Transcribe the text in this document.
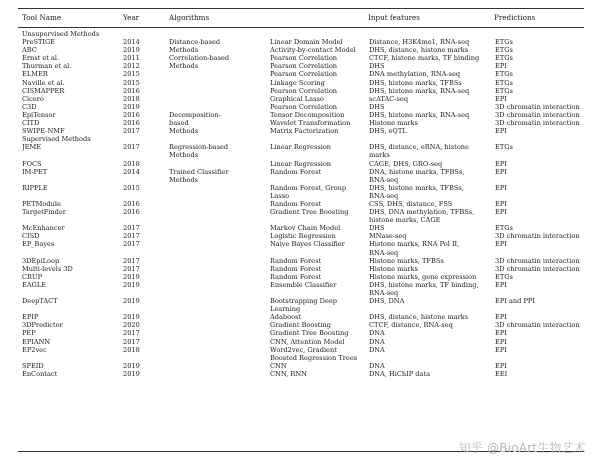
Tool Name	Year	Algorithms	Input features	Predictions
Unsupervised Methods					
PreSTIGE	2014	Distance-based	Linear Domain Model	Distance, H3K4me1, RNA-seq	ETGs
ABC	2019	Methods	Activity-by-contact Model	DHS, distance, histone marks	ETGs
Ernst et al.	2011	Correlation-based	Pearson Correlation	CTCF, histone marks, TF binding	ETGs
Thurman et al.	2012	Methods	Pearson Correlation	DHS	EPI
ELMER	2015		Pearson Correlation	DNA methylation, RNA-seq	ETGs
Naville et al.	2015		Linkage Scoring	DHS, histone marks, TFBSs	ETGs
CISMAPPER	2016		Pearson Correlation	DHS, histone marks, RNA-seq	ETGs
Cicero	2018		Graphical Lasso	scATAC-seq	EPI
C3D	2019		Pearson Correlation	DHS	3D chromatin interaction
EpiTensor	2016	Decomposition-	Tensor Decomposition	DHS, histone marks, RNA-seq	3D chromatin interaction
CITD	2016	based	Wavelet Transformation	Histone marks	3D chromatin interaction
SWIPE-NMF	2017	Methods	Matrix Factorization	DHS, eQTL	EPI
Supervised Methods					
JEME	2017	Regression-based	Linear Regression	DHS, distance, eRNA, histone	ETGs
		Methods		marks	
FOCS	2018		Linear Regression	CAGE, DHS, GRO-seq	EPI
IM-PET	2014	Trained Classifier	Random Forest	DNA, histone marks, TFBSs,	EPI
		Methods		RNA-seq	
RIPPLE	2015		Random Forest, Group	DHS, histone marks, TFBSs,	EPI
			Lasso	RNA-seq	
PETModule	2016		Random Forest	CSS, DHS, distance, FSS	EPI
TargetFinder	2016		Gradient Tree Boosting	DHS, DNA methylation, TFBSs,	EPI
				histone marks, CAGE	
McEnhancer	2017		Markov Chain Model	DHS	ETGs
CISD	2017		Logistic Regression	MNase-seq	3D chromatin interaction
EP_Bayes	2017		Naive Bayes Classifier	Histone marks, RNA Pol II,	EPI
				RNA-seq	
3DEpiLoop	2017		Random Forest	Histone marks, TFBSs	3D chromatin interaction
Multi-levels 3D	2017		Random Forest	Histone marks	3D chromatin interaction
CRUP	2019		Random Forest	Histone marks, gene expression	ETGs
EAGLE	2019		Ensemble Classifier	DHS, histone marks, TF binding,	EPI
				RNA-seq	
DeepTACT	2019		Bootstrapping Deep	DHS, DNA	EPI and PPI
			Learning		
EPIP	2019		Adaboost	DHS, distance, histone marks	EPI
3DPredictor	2020		Gradient Boosting	CTCF, distance, RNA-seq	3D chromatin interaction
PEP	2017		Gradient Tree Boosting	DNA	EPI
EPIANN	2017		CNN, Attention Model	DNA	EPI
EP2vec	2018		Word2vec, Gradient	DNA	EPI
			Boosted Regression Trees		
SPEID	2019		CNN	DNA	EPI
EnContact	2019		CNN, RNN	DNA, HiChIP data	EEI
知乎 @BioArt生物艺术
